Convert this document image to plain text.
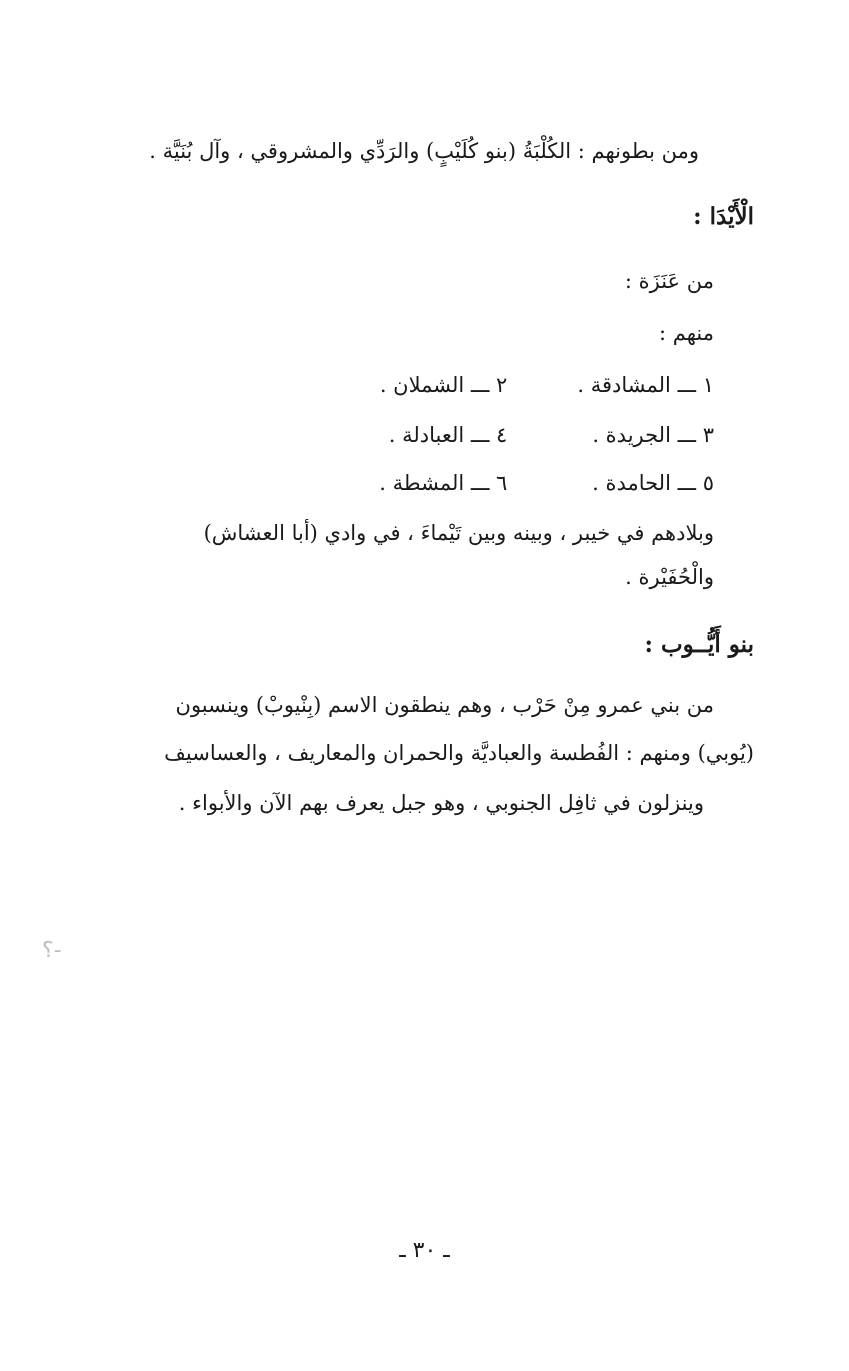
ومن بطونهم : الكُلْبَةُ (بنو كُلَيْبٍ) والرَدِّي والمشروقي ، وآل بُنَيَّة .
الْأَيْدَا :
من عَنَزَة :
منهم :
١ ـــ المشادقة . ٢ ـــ الشملان .
٣ ـــ الجريدة . ٤ ـــ العبادلة .
٥ ـــ الحامدة . ٦ ـــ المشطة .
وبلادهم في خيبر ، وبينه وبين تَيْماءَ ، في وادي (أبا العشاش)
والْحُفَيْرة .
بنو أَيُّــوب :
من بني عمرو مِنْ حَرْب ، وهم ينطقون الاسم (بِنْيوبْ) وينسبون
(يُوبي) ومنهم : الفُطسة والعباديَّة والحمران والمعاريف ، والعساسيف
وينزلون في ثافِل الجنوبي ، وهو جبل يعرف بهم الآن والأبواء .
-؟
ـ ٣٠ ـ
